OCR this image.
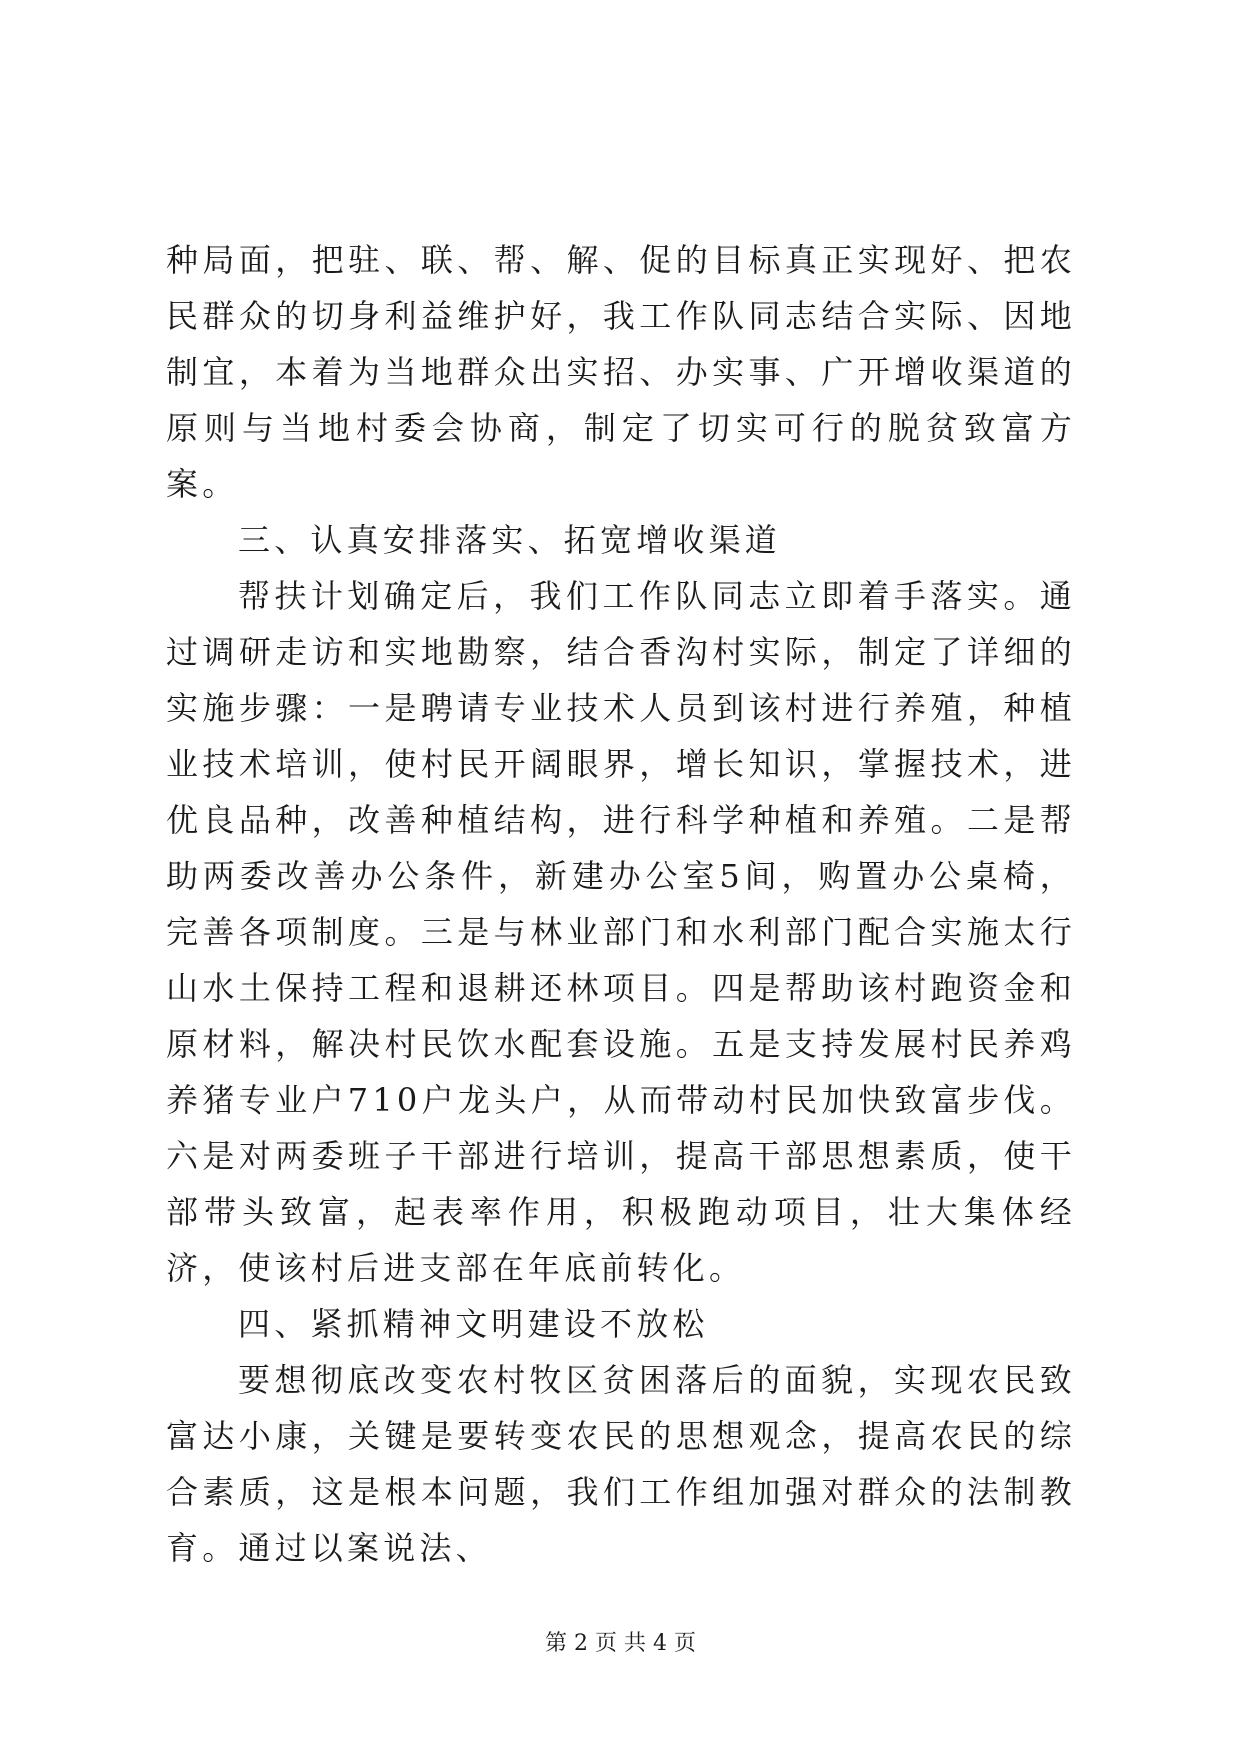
种局面，把驻、联、帮、解、促的目标真正实现好、把农民群众的切身利益维护好，我工作队同志结合实际、因地制宜，本着为当地群众出实招、办实事、广开增收渠道的原则与当地村委会协商，制定了切实可行的脱贫致富方案。

三、认真安排落实、拓宽增收渠道

帮扶计划确定后，我们工作队同志立即着手落实。通过调研走访和实地勘察，结合香沟村实际，制定了详细的实施步骤：一是聘请专业技术人员到该村进行养殖，种植业技术培训，使村民开阔眼界，增长知识，掌握技术，进优良品种，改善种植结构，进行科学种植和养殖。二是帮助两委改善办公条件，新建办公室5间，购置办公桌椅，完善各项制度。三是与林业部门和水利部门配合实施太行山水土保持工程和退耕还林项目。四是帮助该村跑资金和原材料，解决村民饮水配套设施。五是支持发展村民养鸡养猪专业户710户龙头户，从而带动村民加快致富步伐。六是对两委班子干部进行培训，提高干部思想素质，使干部带头致富，起表率作用，积极跑动项目，壮大集体经济，使该村后进支部在年底前转化。

四、紧抓精神文明建设不放松

要想彻底改变农村牧区贫困落后的面貌，实现农民致富达小康，关键是要转变农民的思想观念，提高农民的综合素质，这是根本问题，我们工作组加强对群众的法制教育。通过以案说法、

第 2 页 共 4 页
